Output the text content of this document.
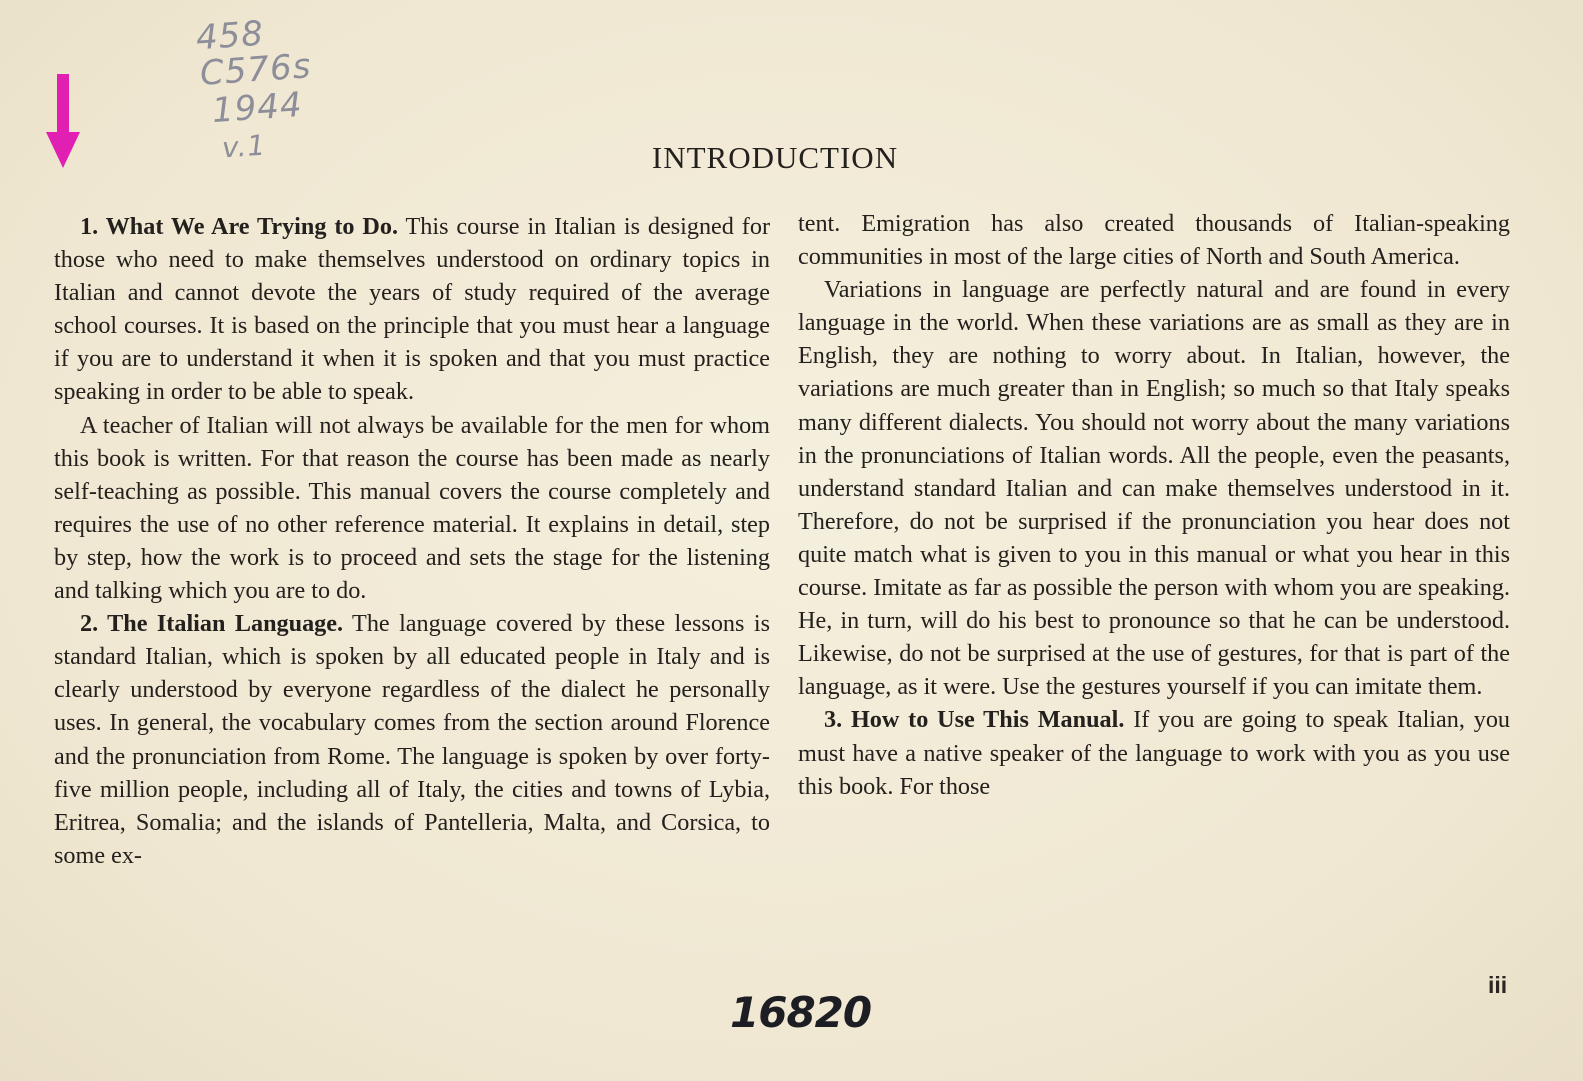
458
C576s
1944
v.1	INTRODUCTION

1. What We Are Trying to Do. This course in Italian is designed for those who need to make themselves understood on ordinary topics in Italian and cannot devote the years of study required of the average school courses. It is based on the principle that you must hear a language if you are to understand it when it is spoken and that you must practice speaking in order to be able to speak.

A teacher of Italian will not always be available for the men for whom this book is written. For that reason the course has been made as nearly self-teaching as possible. This manual covers the course completely and requires the use of no other reference material. It explains in detail, step by step, how the work is to proceed and sets the stage for the listening and talking which you are to do.

2. The Italian Language. The language covered by these lessons is standard Italian, which is spoken by all educated people in Italy and is clearly understood by everyone regardless of the dialect he personally uses. In general, the vocabulary comes from the section around Florence and the pronunciation from Rome. The language is spoken by over forty-five million people, including all of Italy, the cities and towns of Lybia, Eritrea, Somalia; and the islands of Pantelleria, Malta, and Corsica, to some ex-

tent. Emigration has also created thousands of Italian-speaking communities in most of the large cities of North and South America.

Variations in language are perfectly natural and are found in every language in the world. When these variations are as small as they are in English, they are nothing to worry about. In Italian, however, the variations are much greater than in English; so much so that Italy speaks many different dialects. You should not worry about the many variations in the pronunciations of Italian words. All the people, even the peasants, understand standard Italian and can make themselves understood in it. Therefore, do not be surprised if the pronunciation you hear does not quite match what is given to you in this manual or what you hear in this course. Imitate as far as possible the person with whom you are speaking. He, in turn, will do his best to pronounce so that he can be understood. Likewise, do not be surprised at the use of gestures, for that is part of the language, as it were. Use the gestures yourself if you can imitate them.

3. How to Use This Manual. If you are going to speak Italian, you must have a native speaker of the language to work with you as you use this book. For those

iii
16820
